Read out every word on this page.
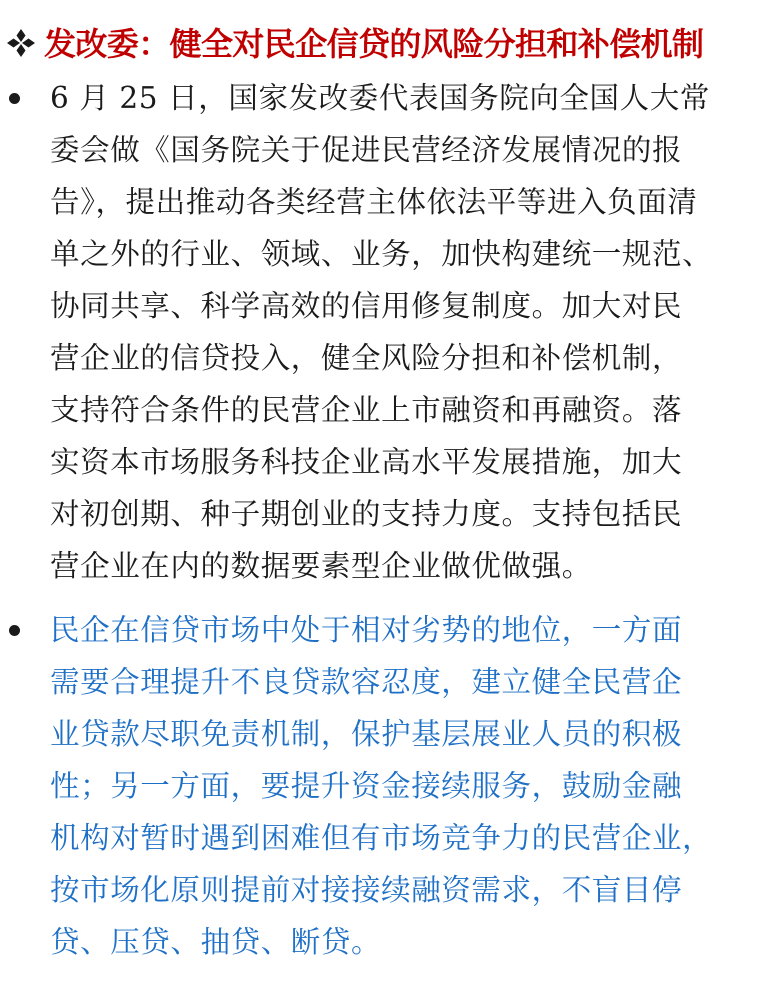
发改委：健全对民企信贷的风险分担和补偿机制
6 月 25 日，国家发改委代表国务院向全国人大常
委会做《国务院关于促进民营经济发展情况的报
告》，提出推动各类经营主体依法平等进入负面清
单之外的行业、领域、业务，加快构建统一规范、
协同共享、科学高效的信用修复制度。加大对民
营企业的信贷投入，健全风险分担和补偿机制，
支持符合条件的民营企业上市融资和再融资。落
实资本市场服务科技企业高水平发展措施，加大
对初创期、种子期创业的支持力度。支持包括民
营企业在内的数据要素型企业做优做强。
民企在信贷市场中处于相对劣势的地位，一方面
需要合理提升不良贷款容忍度，建立健全民营企
业贷款尽职免责机制，保护基层展业人员的积极
性；另一方面，要提升资金接续服务，鼓励金融
机构对暂时遇到困难但有市场竞争力的民营企业，
按市场化原则提前对接接续融资需求，不盲目停
贷、压贷、抽贷、断贷。
